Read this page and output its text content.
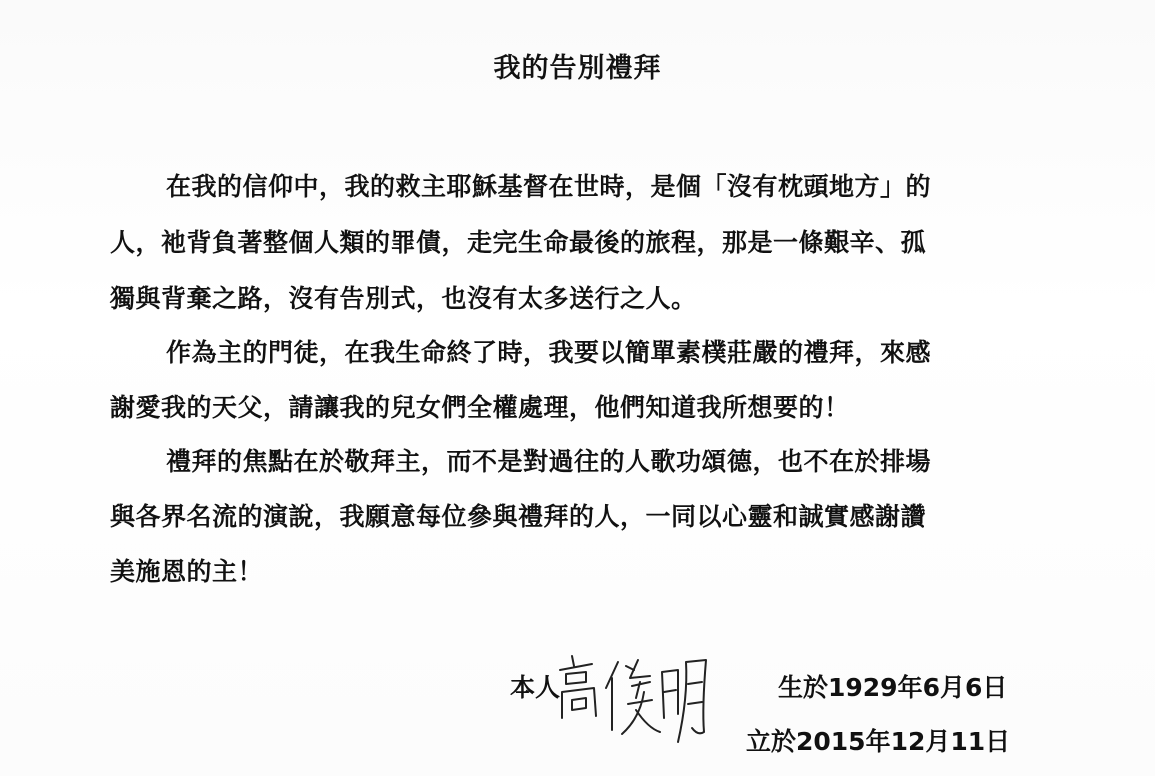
我的告別禮拜
在我的信仰中，我的救主耶穌基督在世時，是個「沒有枕頭地方」的
人，祂背負著整個人類的罪債，走完生命最後的旅程，那是一條艱辛、孤
獨與背棄之路，沒有告別式，也沒有太多送行之人。
作為主的門徒，在我生命終了時，我要以簡單素樸莊嚴的禮拜，來感
謝愛我的天父，請讓我的兒女們全權處理，他們知道我所想要的！
禮拜的焦點在於敬拜主，而不是對過往的人歌功頌德，也不在於排場
與各界名流的演說，我願意每位參與禮拜的人，一同以心靈和誠實感謝讚
美施恩的主！
本人	生於1929年6月6日
立於2015年12月11日
